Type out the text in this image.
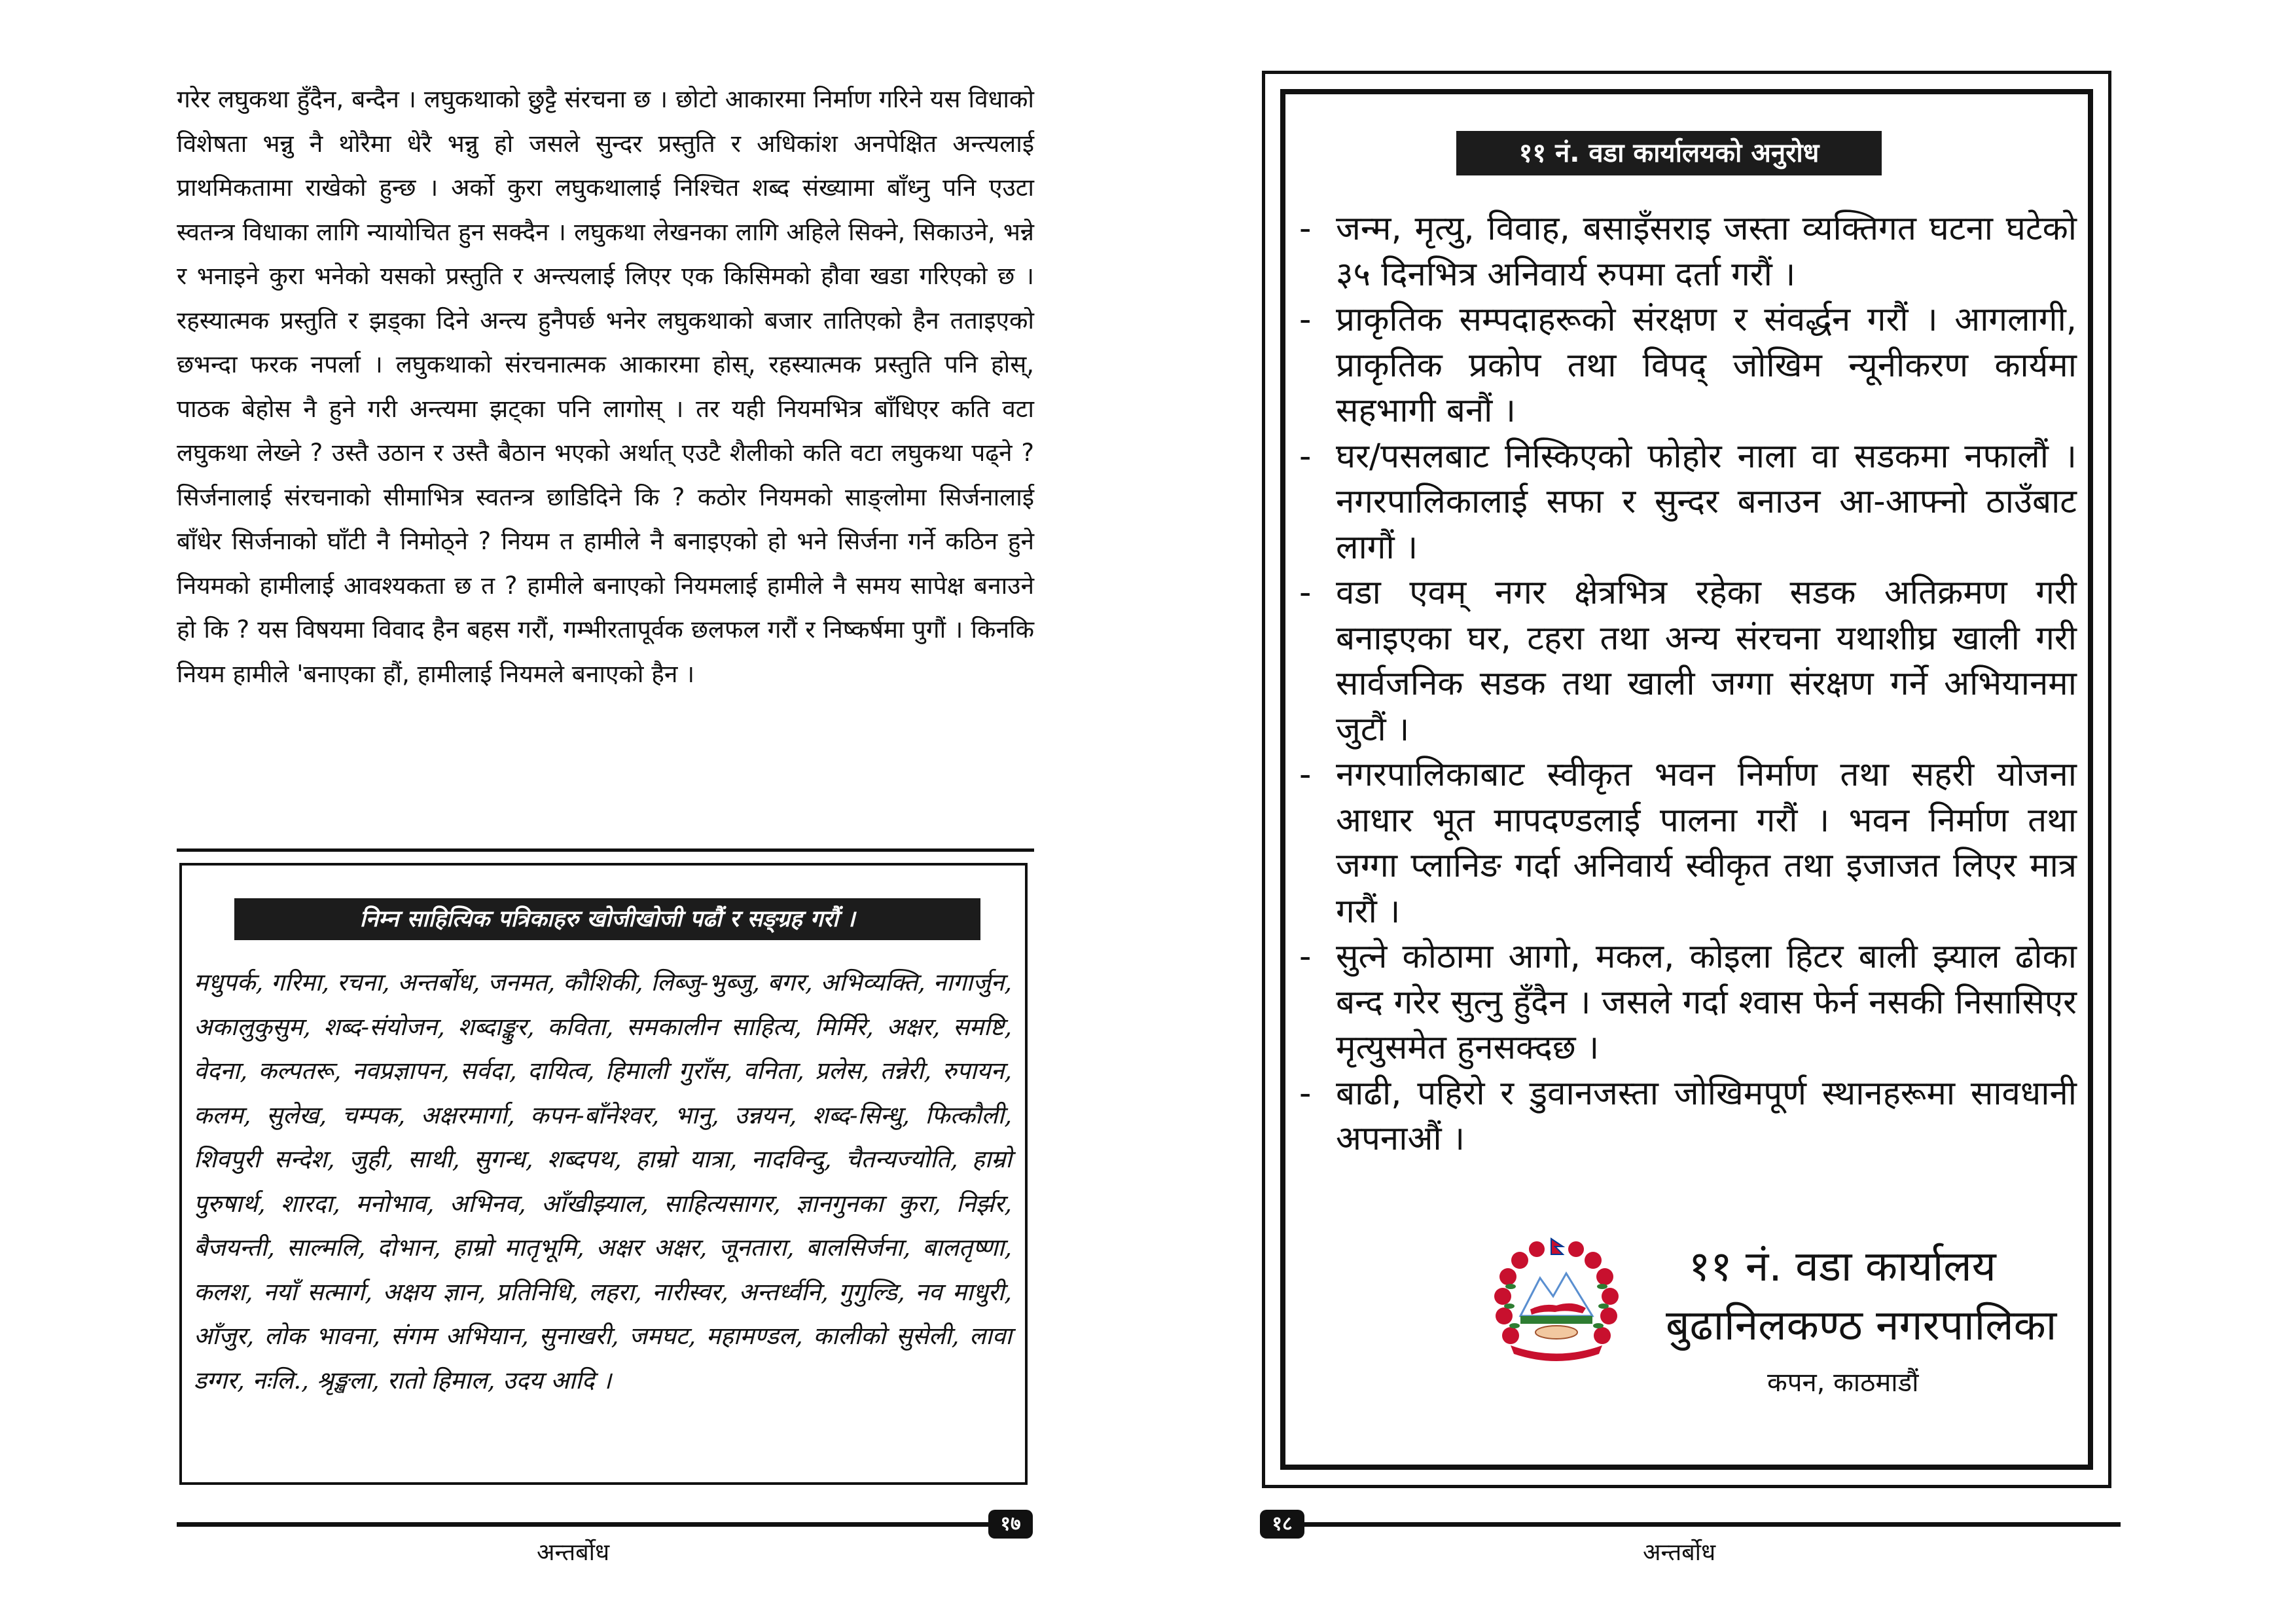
गरेर लघुकथा हुँदैन, बन्दैन । लघुकथाको छुट्टै संरचना छ । छोटो आकारमा निर्माण गरिने यस विधाको विशेषता भन्नु नै थोरैमा धेरै भन्नु हो जसले सुन्दर प्रस्तुति र अधिकांश अनपेक्षित अन्त्यलाई प्राथमिकतामा राखेको हुन्छ । अर्को कुरा लघुकथालाई निश्चित शब्द संख्यामा बाँध्नु पनि एउटा स्वतन्त्र विधाका लागि न्यायोचित हुन सक्दैन । लघुकथा लेखनका लागि अहिले सिक्ने, सिकाउने, भन्ने र भनाइने कुरा भनेको यसको प्रस्तुति र अन्त्यलाई लिएर एक किसिमको हौवा खडा गरिएको छ । रहस्यात्मक प्रस्तुति र झड्का दिने अन्त्य हुनैपर्छ भनेर लघुकथाको बजार तातिएको हैन तताइएको छभन्दा फरक नपर्ला । लघुकथाको संरचनात्मक आकारमा होस्, रहस्यात्मक प्रस्तुति पनि होस्, पाठक बेहोस नै हुने गरी अन्त्यमा झट्का पनि लागोस् । तर यही नियमभित्र बाँधिएर कति वटा लघुकथा लेख्ने ? उस्तै उठान र उस्तै बैठान भएको अर्थात् एउटै शैलीको कति वटा लघुकथा पढ्ने ? सिर्जनालाई संरचनाको सीमाभित्र स्वतन्त्र छाडिदिने कि ? कठोर नियमको साङ्लोमा सिर्जनालाई बाँधेर सिर्जनाको घाँटी नै निमोठ्ने ? नियम त हामीले नै बनाइएको हो भने सिर्जना गर्ने कठिन हुने नियमको हामीलाई आवश्यकता छ त ? हामीले बनाएको नियमलाई हामीले नै समय सापेक्ष बनाउने हो कि ? यस विषयमा विवाद हैन बहस गरौं, गम्भीरतापूर्वक छलफल गरौं र निष्कर्षमा पुगौं । किनकि नियम हामीले 'बनाएका हौं, हामीलाई नियमले बनाएको हैन ।

निम्न साहित्यिक पत्रिकाहरु खोजीखोजी पढौं र सङ्ग्रह गरौं ।

मधुपर्क, गरिमा, रचना, अन्तर्बोध, जनमत, कौशिकी, लिब्जु-भुब्जु, बगर, अभिव्यक्ति, नागार्जुन, अकालुकुसुम, शब्द-संयोजन, शब्दाङ्कुर, कविता, समकालीन साहित्य, मिर्मिरे, अक्षर, समष्टि, वेदना, कल्पतरू, नवप्रज्ञापन, सर्वदा, दायित्व, हिमाली गुराँस, वनिता, प्रलेस, तन्नेरी, रुपायन, कलम, सुलेख, चम्पक, अक्षरमार्गा, कपन-बाँनेश्वर, भानु, उन्नयन, शब्द-सिन्धु, फित्कौली, शिवपुरी सन्देश, जुही, साथी, सुगन्ध, शब्दपथ, हाम्रो यात्रा, नादविन्दु, चैतन्यज्योति, हाम्रो पुरुषार्थ, शारदा, मनोभाव, अभिनव, आँखीझ्याल, साहित्यसागर, ज्ञानगुनका कुरा, निर्झर, बैजयन्ती, साल्मलि, दोभान, हाम्रो मातृभूमि, अक्षर अक्षर, जूनतारा, बालसिर्जना, बालतृष्णा, कलश, नयाँ सत्मार्ग, अक्षय ज्ञान, प्रतिनिधि, लहरा, नारीस्वर, अन्तर्ध्वनि, गुगुल्डि, नव माधुरी, आँजुर, लोक भावना, संगम अभियान, सुनाखरी, जमघट, महामण्डल, कालीको सुसेली, लावा डग्गर, नःलि., श्रृङ्खला, रातो हिमाल, उदय आदि ।

१७
अन्तर्बोध
११ नं. वडा कार्यालयको अनुरोध
- जन्म, मृत्यु, विवाह, बसाइँसराइ जस्ता व्यक्तिगत घटना घटेको ३५ दिनभित्र अनिवार्य रुपमा दर्ता गरौं ।
- प्राकृतिक सम्पदाहरूको संरक्षण र संवर्द्धन गरौं । आगलागी, प्राकृतिक प्रकोप तथा विपद् जोखिम न्यूनीकरण कार्यमा सहभागी बनौं ।
- घर/पसलबाट निस्किएको फोहोर नाला वा सडकमा नफालौं । नगरपालिकालाई सफा र सुन्दर बनाउन आ-आफ्नो ठाउँबाट लागौं ।
- वडा एवम् नगर क्षेत्रभित्र रहेका सडक अतिक्रमण गरी बनाइएका घर, टहरा तथा अन्य संरचना यथाशीघ्र खाली गरी सार्वजनिक सडक तथा खाली जग्गा संरक्षण गर्ने अभियानमा जुटौं ।
- नगरपालिकाबाट स्वीकृत भवन निर्माण तथा सहरी योजना आधार भूत मापदण्डलाई पालना गरौं । भवन निर्माण तथा जग्गा प्लानिङ गर्दा अनिवार्य स्वीकृत तथा इजाजत लिएर मात्र गरौं ।
- सुत्ने कोठामा आगो, मकल, कोइला हिटर बाली झ्याल ढोका बन्द गरेर सुत्नु हुँदैन । जसले गर्दा श्वास फेर्न नसकी निसासिएर मृत्युसमेत हुनसक्दछ ।
- बाढी, पहिरो र डुवानजस्ता जोखिमपूर्ण स्थानहरूमा सावधानी अपनाऔं ।
११ नं. वडा कार्यालय
बुढानिलकण्ठ नगरपालिका
कपन, काठमाडौं
१८
अन्तर्बोध
